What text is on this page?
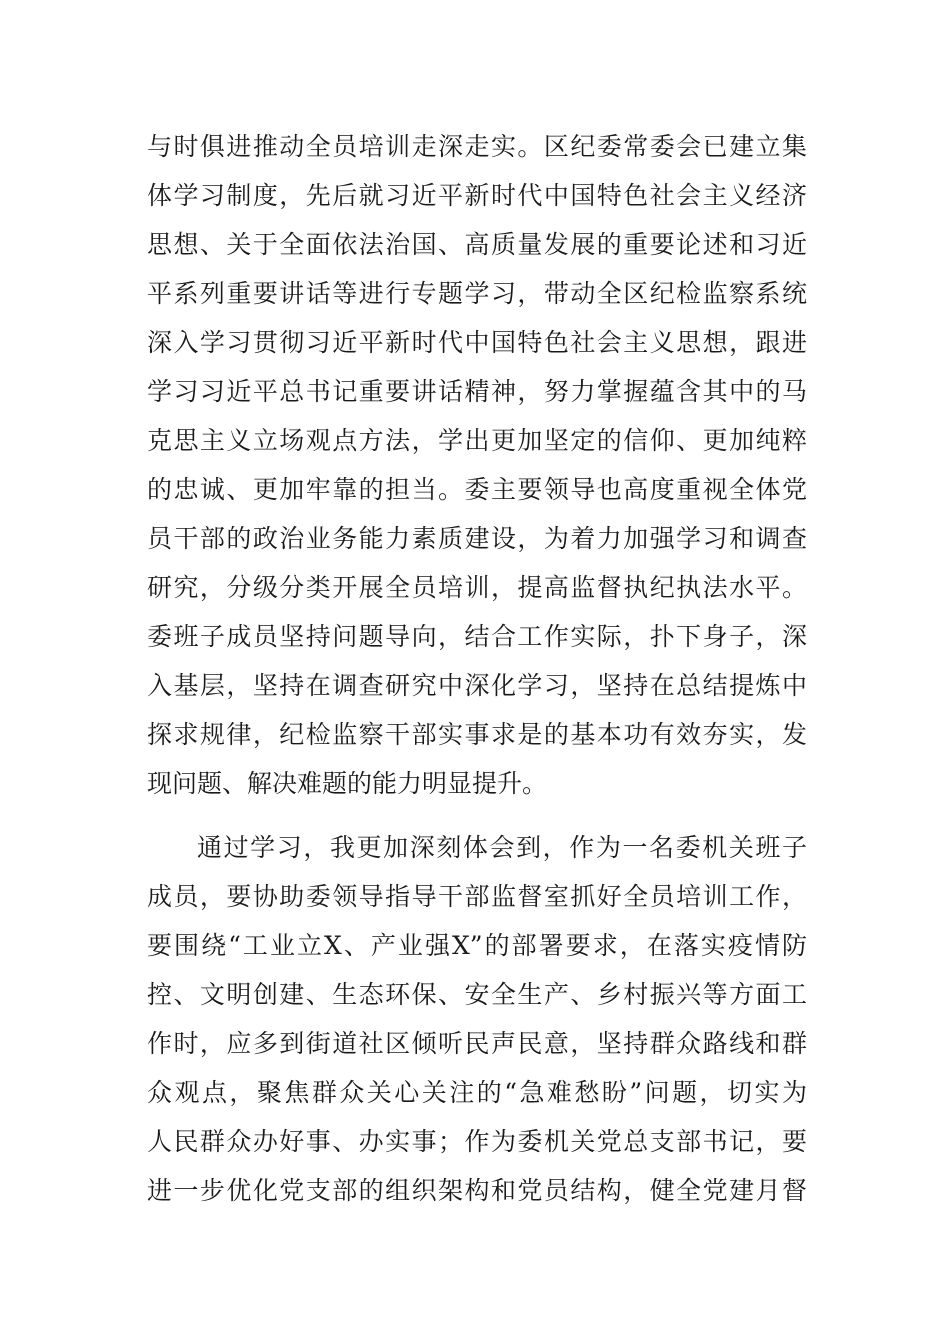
与时俱进推动全员培训走深走实。区纪委常委会已建立集
体学习制度，先后就习近平新时代中国特色社会主义经济
思想、关于全面依法治国、高质量发展的重要论述和习近
平系列重要讲话等进行专题学习，带动全区纪检监察系统
深入学习贯彻习近平新时代中国特色社会主义思想，跟进
学习习近平总书记重要讲话精神，努力掌握蕴含其中的马
克思主义立场观点方法，学出更加坚定的信仰、更加纯粹
的忠诚、更加牢靠的担当。委主要领导也高度重视全体党
员干部的政治业务能力素质建设，为着力加强学习和调查
研究，分级分类开展全员培训，提高监督执纪执法水平。
委班子成员坚持问题导向，结合工作实际，扑下身子，深
入基层，坚持在调查研究中深化学习，坚持在总结提炼中
探求规律，纪检监察干部实事求是的基本功有效夯实，发
现问题、解决难题的能力明显提升。
通过学习，我更加深刻体会到，作为一名委机关班子
成员，要协助委领导指导干部监督室抓好全员培训工作，
要围绕“工业立X、产业强X”的部署要求，在落实疫情防
控、文明创建、生态环保、安全生产、乡村振兴等方面工
作时，应多到街道社区倾听民声民意，坚持群众路线和群
众观点，聚焦群众关心关注的“急难愁盼”问题，切实为
人民群众办好事、办实事；作为委机关党总支部书记，要
进一步优化党支部的组织架构和党员结构，健全党建月督
